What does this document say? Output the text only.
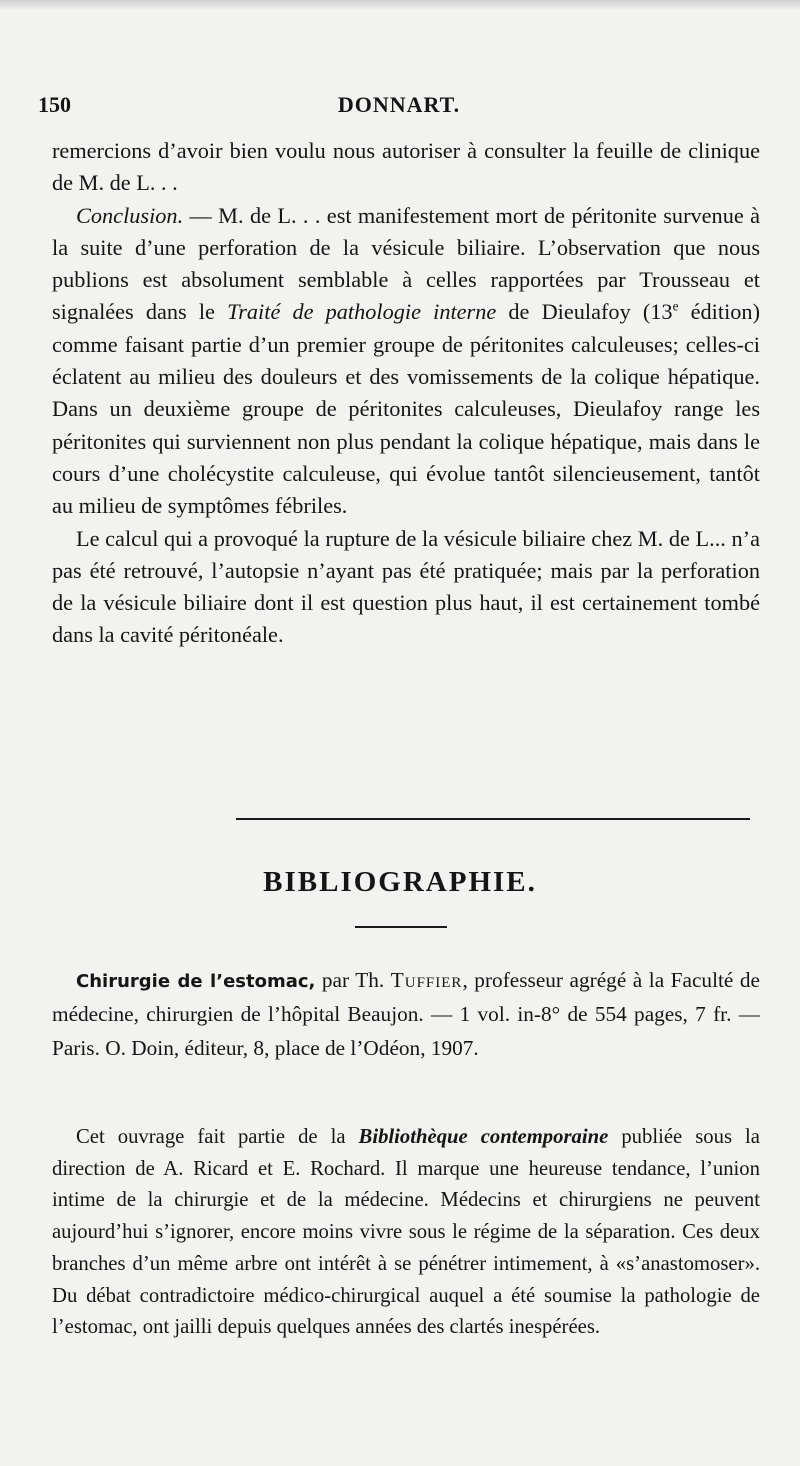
150	DONNART.

remercions d’avoir bien voulu nous autoriser à consulter la feuille de clinique de M. de L. . .

Conclusion. — M. de L. . . est manifestement mort de péritonite survenue à la suite d’une perforation de la vésicule biliaire. L’observation que nous publions est absolument semblable à celles rapportées par Trousseau et signalées dans le Traité de pathologie interne de Dieulafoy (13e édition) comme faisant partie d’un premier groupe de péritonites calculeuses; celles-ci éclatent au milieu des douleurs et des vomissements de la colique hépatique. Dans un deuxième groupe de péritonites calculeuses, Dieulafoy range les péritonites qui surviennent non plus pendant la colique hépatique, mais dans le cours d’une cholécystite calculeuse, qui évolue tantôt silencieusement, tantôt au milieu de symptômes fébriles.

Le calcul qui a provoqué la rupture de la vésicule biliaire chez M. de L... n’a pas été retrouvé, l’autopsie n’ayant pas été pratiquée; mais par la perforation de la vésicule biliaire dont il est question plus haut, il est certainement tombé dans la cavité péritonéale.

BIBLIOGRAPHIE.

Chirurgie de l’estomac, par Th. Tuffier, professeur agrégé à la Faculté de médecine, chirurgien de l’hôpital Beaujon. — 1 vol. in-8° de 554 pages, 7 fr. — Paris. O. Doin, éditeur, 8, place de l’Odéon, 1907.

Cet ouvrage fait partie de la Bibliothèque contemporaine publiée sous la direction de A. Ricard et E. Rochard. Il marque une heureuse tendance, l’union intime de la chirurgie et de la médecine. Médecins et chirurgiens ne peuvent aujourd’hui s’ignorer, encore moins vivre sous le régime de la séparation. Ces deux branches d’un même arbre ont intérêt à se pénétrer intimement, à «s’anastomoser». Du débat contradictoire médico-chirurgical auquel a été soumise la pathologie de l’estomac, ont jailli depuis quelques années des clartés inespérées.
